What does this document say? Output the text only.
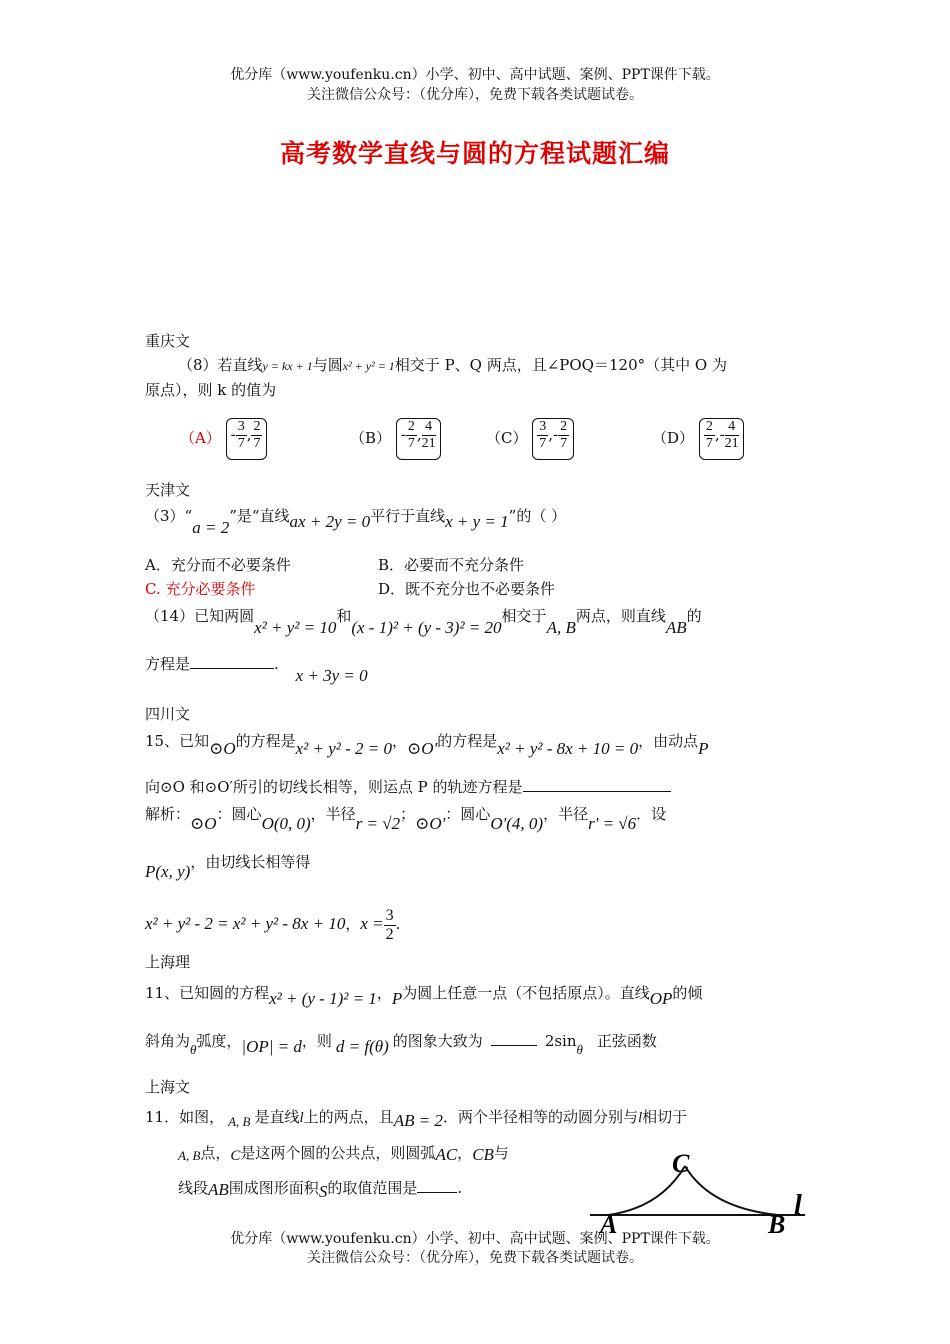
优分库（www.youfenku.cn）小学、初中、高中试题、案例、PPT课件下载。
关注微信公众号：（优分库），免费下载各类试题试卷。
高考数学直线与圆的方程试题汇编
重庆文
（8）若直线y = kx + 1与圆x² + y² = 1相交于 P、Q 两点，且∠POQ＝120°（其中 O 为
原点），则 k 的值为
$(A) - \frac{3}{7}$ , $\frac{2}{7}$	$(B) - \frac{2}{7}$ , $\frac{4}{21}$	$(C) \frac{3}{7}$ ,- $\frac{2}{7}$	$(D) \frac{2}{7}$ ,- $\frac{4}{21}$
天津文
（3）“a = 2”是“直线ax + 2y = 0平行于直线x + y = 1”的（ ）
A．充分而不必要条件	B．必要而不充分条件
C. 充分必要条件	D．既不充分也不必要条件
（14）已知两圆x² + y² = 10和(x - 1)² + (y - 3)² = 20相交于A, B两点，则直线AB的
方程是	. x + 3y = 0
四川文
15、已知⊙O的方程是x² + y² - 2 = 0，⊙O'的方程是x² + y² - 8x + 10 = 0，由动点P
向⊙O 和⊙O′所引的切线长相等，则运点 P 的轨迹方程是
解析：⊙O：圆心O(0, 0)，半径r = √2；⊙O'：圆心O'(4, 0)，半径r' = √6．设
P(x, y)，由切线长相等得
x² + y² - 2 = x² + y² - 8x + 10，$x = \frac{3}{2}$ .
上海理
11、已知圆的方程x² + (y - 1)² = 1，P为圆上任意一点（不包括原点）。直线OP的倾
斜角为θ弧度，|OP| = d，则 d = f(θ) 的图象大致为	2sinθ 正弦函数
上海文
11．如图， A, B 是直线l上的两点，且AB = 2．两个半径相等的动圆分别与l相切于
A, B点，C是这两个圆的公共点，则圆弧AC，CB与
线段AB围成图形面积S的取值范围是	.
A
C
B
l
优分库（www.youfenku.cn）小学、初中、高中试题、案例、PPT课件下载。
关注微信公众号：（优分库），免费下载各类试题试卷。
